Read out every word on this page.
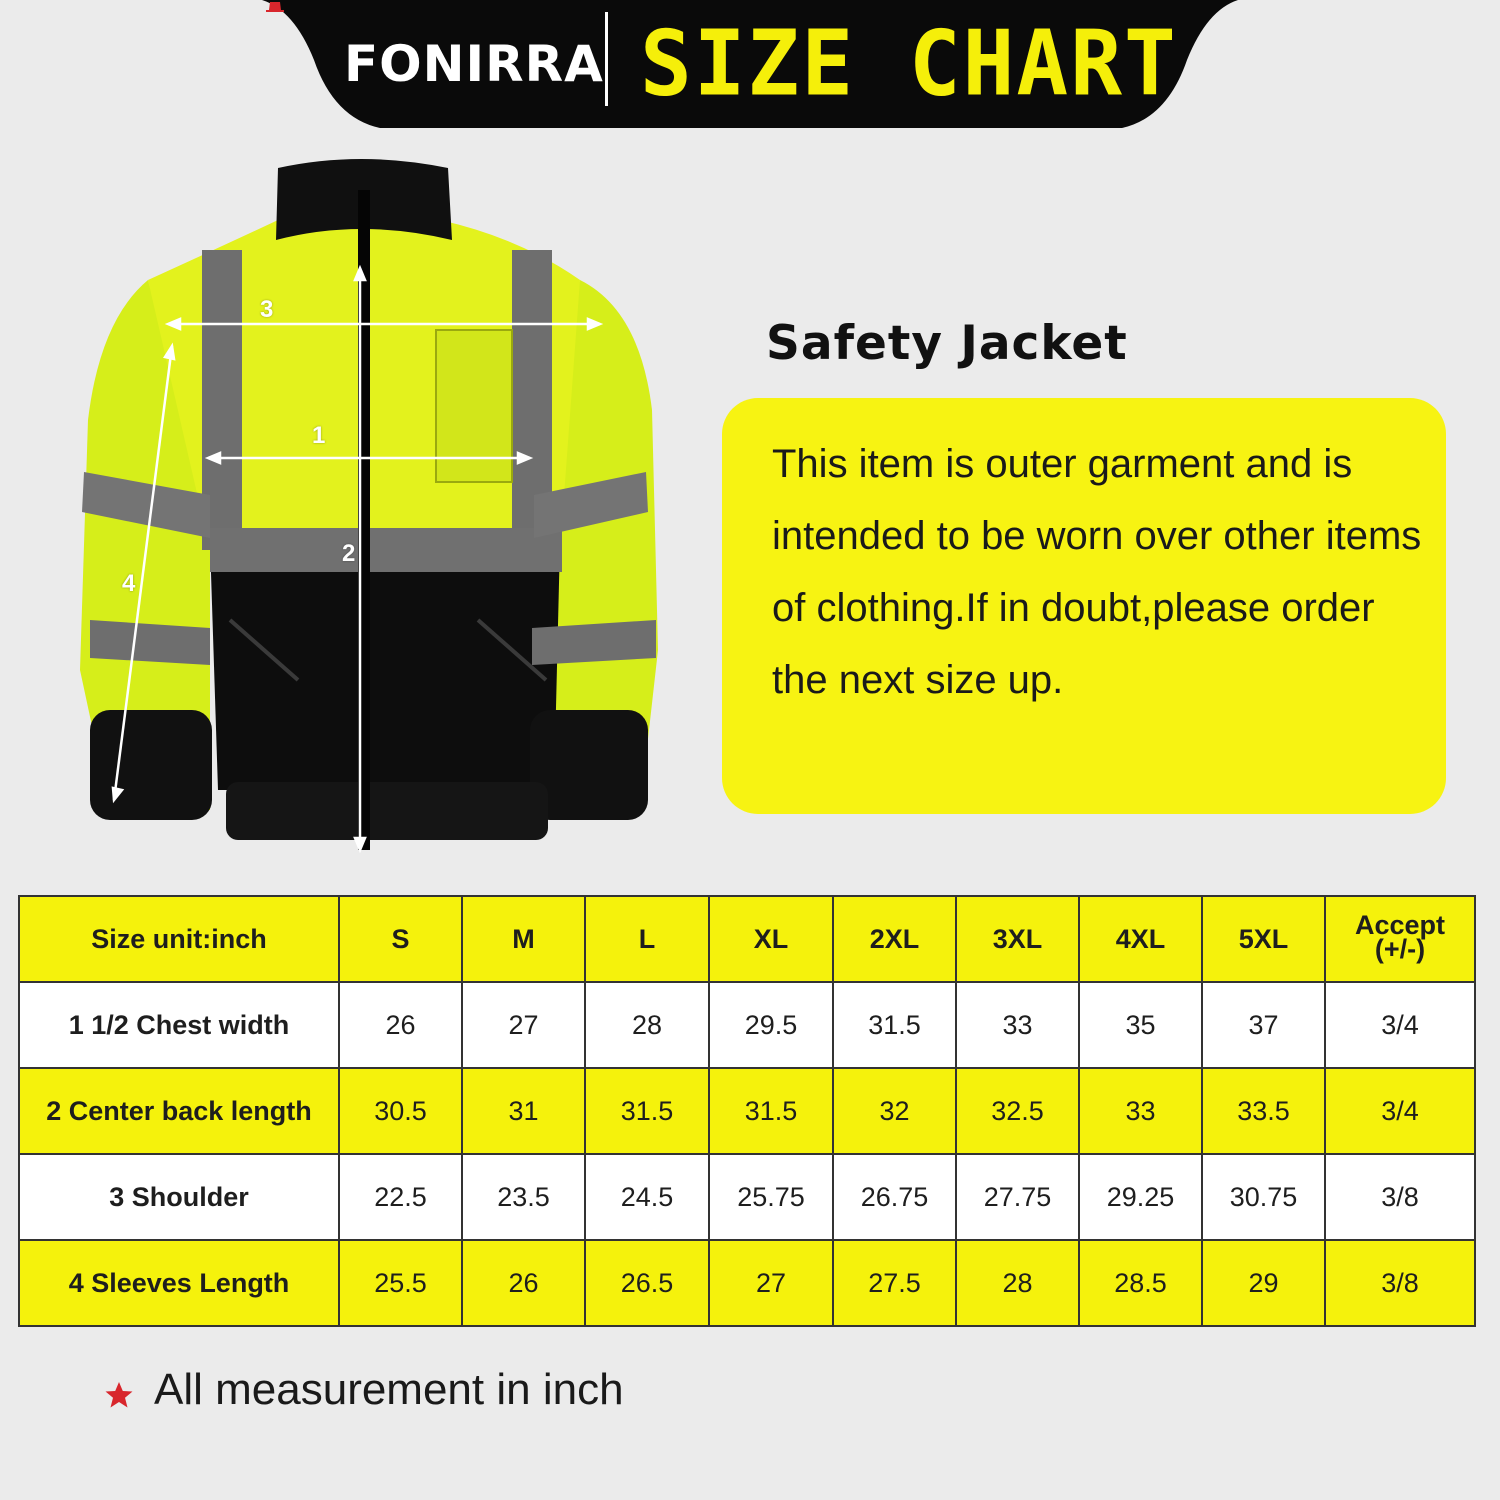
FONIRRA SIZE CHART
1
2
3
4
Safety Jacket
This item is outer garment and is intended to be worn over other items of clothing.If in doubt,please order the next size up.
Size unit:inch	S	M	L	XL	2XL	3XL	4XL	5XL	Accept
(+/-)
1 1/2 Chest width	26	27	28	29.5	31.5	33	35	37	3/4
2 Center back length	30.5	31	31.5	31.5	32	32.5	33	33.5	3/4
3 Shoulder	22.5	23.5	24.5	25.75	26.75	27.75	29.25	30.75	3/8
4 Sleeves Length	25.5	26	26.5	27	27.5	28	28.5	29	3/8
All measurement in inch
